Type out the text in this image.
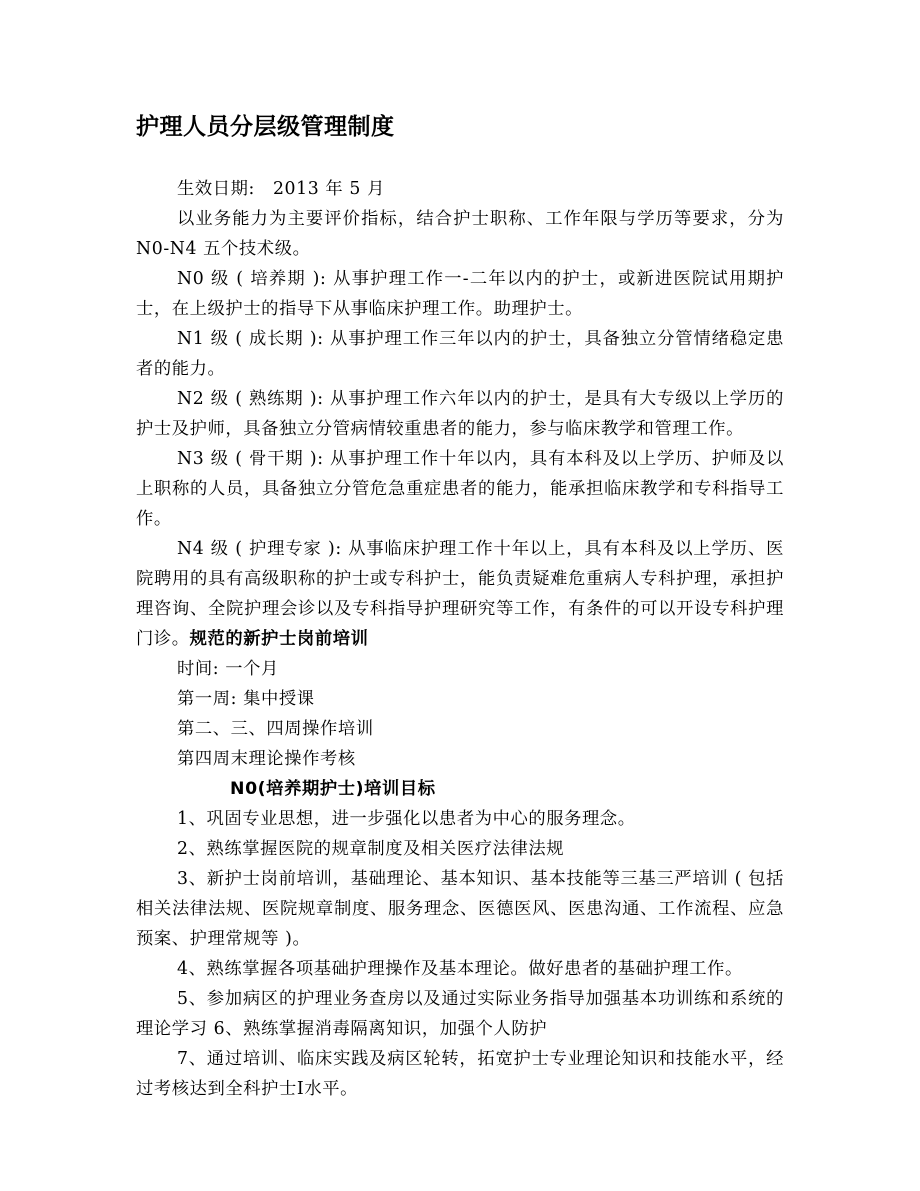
护理人员分层级管理制度

生效日期: 2013 年 5 月

以业务能力为主要评价指标，结合护士职称、工作年限与学历等要求，分为 N0-N4 五个技术级。

N0 级 ( 培养期 ): 从事护理工作一-二年以内的护士，或新进医院试用期护士，在上级护士的指导下从事临床护理工作。助理护士。

N1 级 ( 成长期 ): 从事护理工作三年以内的护士，具备独立分管情绪稳定患者的能力。

N2 级 ( 熟练期 ): 从事护理工作六年以内的护士，是具有大专级以上学历的护士及护师，具备独立分管病情较重患者的能力，参与临床教学和管理工作。

N3 级 ( 骨干期 ): 从事护理工作十年以内，具有本科及以上学历、护师及以上职称的人员，具备独立分管危急重症患者的能力，能承担临床教学和专科指导工作。

N4 级 ( 护理专家 ): 从事临床护理工作十年以上，具有本科及以上学历、医院聘用的具有高级职称的护士或专科护士，能负责疑难危重病人专科护理，承担护理咨询、全院护理会诊以及专科指导护理研究等工作，有条件的可以开设专科护理门诊。规范的新护士岗前培训

时间: 一个月

第一周: 集中授课

第二、三、四周操作培训

第四周末理论操作考核

N0(培养期护士)培训目标

1、巩固专业思想，进一步强化以患者为中心的服务理念。

2、熟练掌握医院的规章制度及相关医疗法律法规

3、新护士岗前培训，基础理论、基本知识、基本技能等三基三严培训 ( 包括相关法律法规、医院规章制度、服务理念、医德医风、医患沟通、工作流程、应急预案、护理常规等 )。

4、熟练掌握各项基础护理操作及基本理论。做好患者的基础护理工作。

5、参加病区的护理业务查房以及通过实际业务指导加强基本功训练和系统的理论学习 6、熟练掌握消毒隔离知识，加强个人防护

7、通过培训、临床实践及病区轮转，拓宽护士专业理论知识和技能水平，经过考核达到全科护士Ⅰ水平。
